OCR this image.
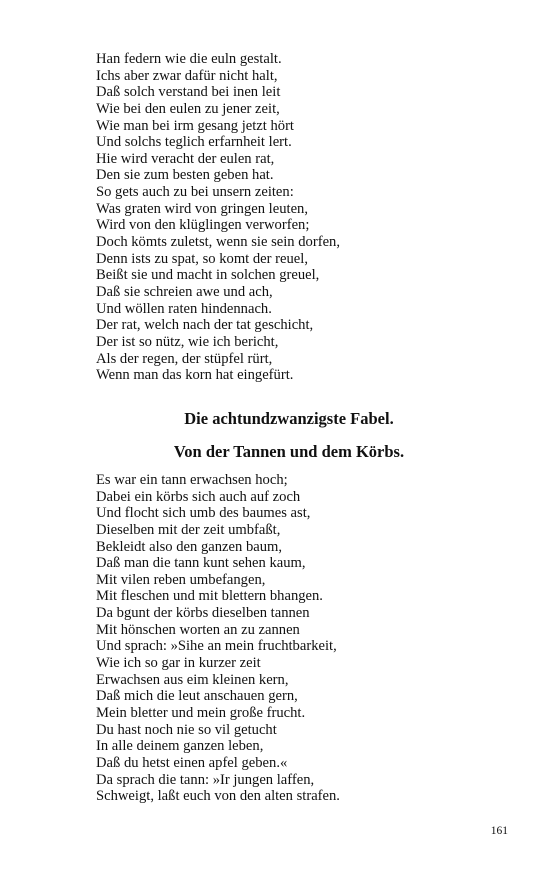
Han federn wie die euln gestalt.
Ichs aber zwar dafür nicht halt,
Daß solch verstand bei inen leit
Wie bei den eulen zu jener zeit,
Wie man bei irm gesang jetzt hört
Und solchs teglich erfarnheit lert.
Hie wird veracht der eulen rat,
Den sie zum besten geben hat.
So gets auch zu bei unsern zeiten:
Was graten wird von gringen leuten,
Wird von den klüglingen verworfen;
Doch kömts zuletst, wenn sie sein dorfen,
Denn ists zu spat, so komt der reuel,
Beißt sie und macht in solchen greuel,
Daß sie schreien awe und ach,
Und wöllen raten hindennach.
Der rat, welch nach der tat geschicht,
Der ist so nütz, wie ich bericht,
Als der regen, der stüpfel rürt,
Wenn man das korn hat eingefürt.
Die achtundzwanzigste Fabel.
Von der Tannen und dem Körbs.
Es war ein tann erwachsen hoch;
Dabei ein körbs sich auch auf zoch
Und flocht sich umb des baumes ast,
Dieselben mit der zeit umbfaßt,
Bekleidt also den ganzen baum,
Daß man die tann kunt sehen kaum,
Mit vilen reben umbefangen,
Mit fleschen und mit blettern bhangen.
Da bgunt der körbs dieselben tannen
Mit hönschen worten an zu zannen
Und sprach: »Sihe an mein fruchtbarkeit,
Wie ich so gar in kurzer zeit
Erwachsen aus eim kleinen kern,
Daß mich die leut anschauen gern,
Mein bletter und mein große frucht.
Du hast noch nie so vil getucht
In alle deinem ganzen leben,
Daß du hetst einen apfel geben.«
Da sprach die tann: »Ir jungen laffen,
Schweigt, laßt euch von den alten strafen.
161
